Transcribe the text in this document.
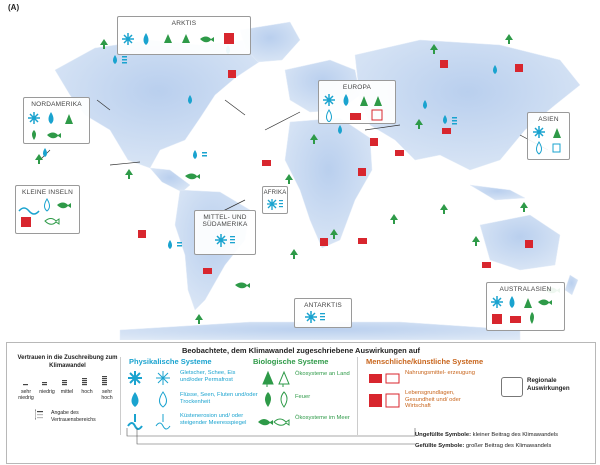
(A)
ARKTIS
NORDAMERIKA
EUROPA
ASIEN
KLEINE INSELN	AFRIKA
MITTEL- UND SÜDAMERIKA
AUSTRALASIEN
ANTARKTIS
Beobachtete, dem Klimawandel zugeschriebene Auswirkungen auf
Vertrauen in die Zuschreibung zum Klimawandel
sehr niedrig
niedrig	mittel	hoch	sehr hoch
Angabe des Vertrauensbereichs
Physikalische Systeme
Gletscher, Schee, Eis und/oder Permafrost
Flüsse, Seen, Fluten und/oder Trockenheit
Küstenerosion und/ oder steigender Meeresspiegel
Biologische Systeme
Ökosysteme an Land
Feuer
Ökosysteme im Meer
Menschliche/künstliche Systeme
Nahrungsmittel- erzeugung
Lebensgrundlagen, Gesundheit und/ oder Wirtschaft
Regionale Auswirkungen
Ungefüllte Symbole: kleiner Beitrag des Klimawandels
Gefüllte Symbole: großer Beitrag des Klimawandels
